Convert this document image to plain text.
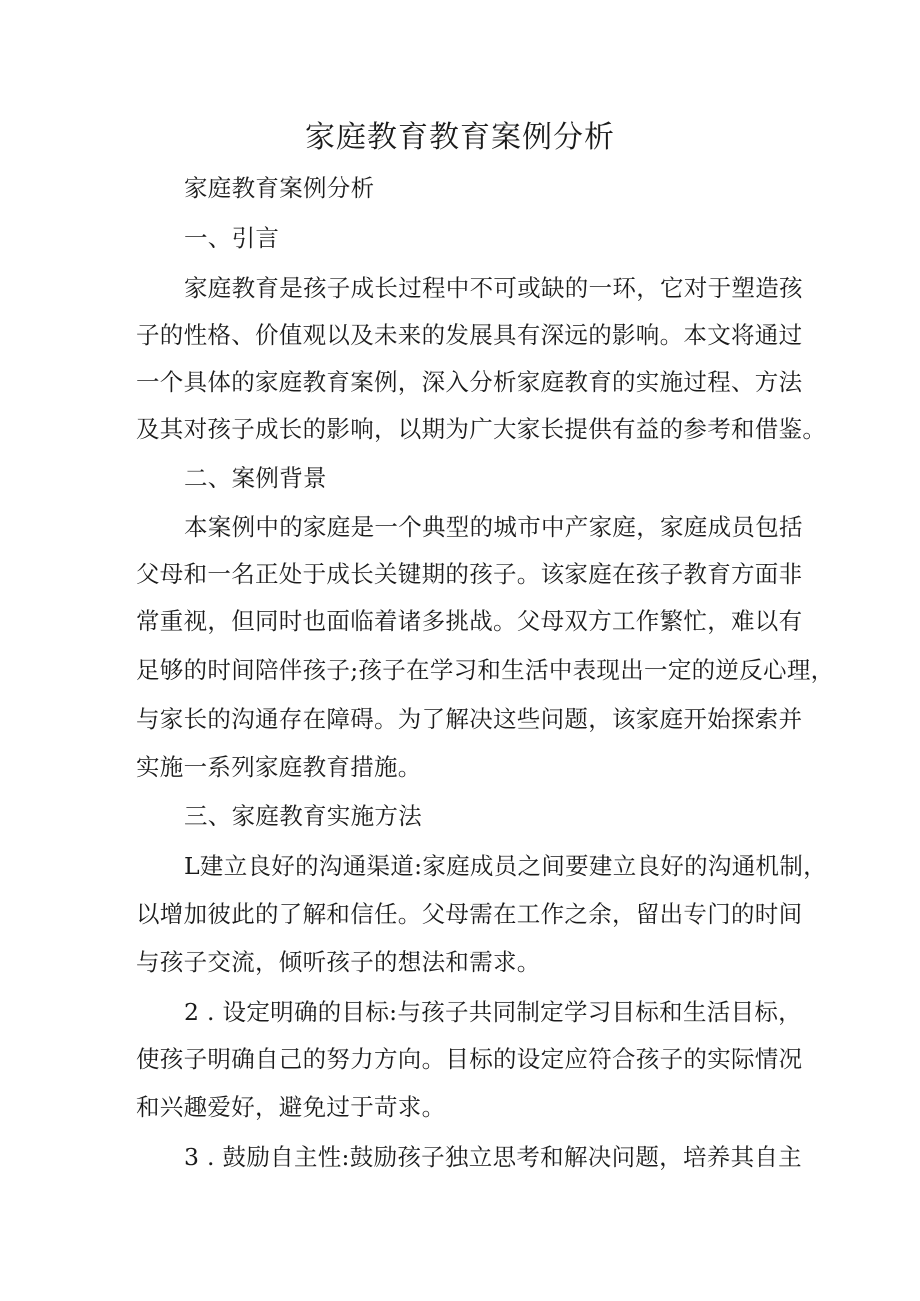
家庭教育教育案例分析
家庭教育案例分析
一、引言
家庭教育是孩子成长过程中不可或缺的一环，它对于塑造孩
子的性格、价值观以及未来的发展具有深远的影响。本文将通过
一个具体的家庭教育案例，深入分析家庭教育的实施过程、方法
及其对孩子成长的影响，以期为广大家长提供有益的参考和借鉴。
二、案例背景
本案例中的家庭是一个典型的城市中产家庭，家庭成员包括
父母和一名正处于成长关键期的孩子。该家庭在孩子教育方面非
常重视，但同时也面临着诸多挑战。父母双方工作繁忙，难以有
足够的时间陪伴孩子;孩子在学习和生活中表现出一定的逆反心理，
与家长的沟通存在障碍。为了解决这些问题，该家庭开始探索并
实施一系列家庭教育措施。
三、家庭教育实施方法
L建立良好的沟通渠道:家庭成员之间要建立良好的沟通机制，
以增加彼此的了解和信任。父母需在工作之余，留出专门的时间
与孩子交流，倾听孩子的想法和需求。
2 . 设定明确的目标:与孩子共同制定学习目标和生活目标，
使孩子明确自己的努力方向。目标的设定应符合孩子的实际情况
和兴趣爱好，避免过于苛求。
3 . 鼓励自主性:鼓励孩子独立思考和解决问题，培养其自主
